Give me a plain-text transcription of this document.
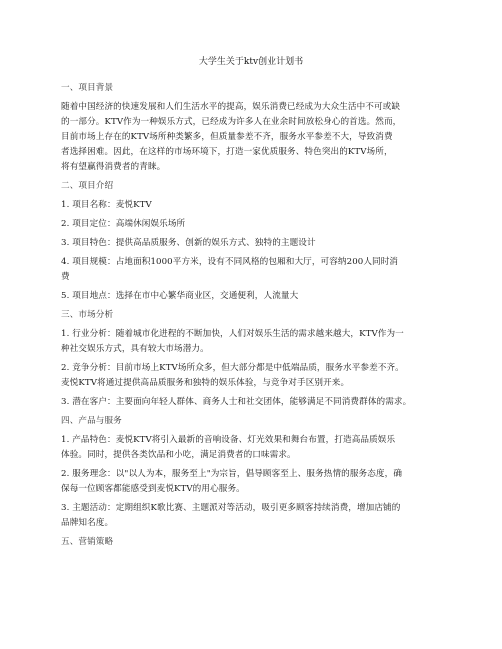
大学生关于ktv创业计划书
一、项目背景
随着中国经济的快速发展和人们生活水平的提高，娱乐消费已经成为大众生活中不可或缺
的一部分。KTV作为一种娱乐方式，已经成为许多人在业余时间放松身心的首选。然而，
目前市场上存在的KTV场所种类繁多，但质量参差不齐，服务水平参差不大，导致消费
者选择困难。因此，在这样的市场环境下，打造一家优质服务、特色突出的KTV场所，
将有望赢得消费者的青睐。
二、项目介绍
1. 项目名称：麦悦KTV
2. 项目定位：高端休闲娱乐场所
3. 项目特色：提供高品质服务、创新的娱乐方式、独特的主题设计
4. 项目规模：占地面积1000平方米，设有不同风格的包厢和大厅，可容纳200人同时消
费
5. 项目地点：选择在市中心繁华商业区，交通便利，人流量大
三、市场分析
1. 行业分析：随着城市化进程的不断加快，人们对娱乐生活的需求越来越大，KTV作为一
种社交娱乐方式，具有较大市场潜力。
2. 竞争分析：目前市场上KTV场所众多，但大部分都是中低端品质，服务水平参差不齐。
麦悦KTV将通过提供高品质服务和独特的娱乐体验，与竞争对手区别开来。
3. 潜在客户：主要面向年轻人群体、商务人士和社交团体，能够满足不同消费群体的需求。
四、产品与服务
1. 产品特色：麦悦KTV将引入最新的音响设备、灯光效果和舞台布置，打造高品质娱乐
体验。同时，提供各类饮品和小吃，满足消费者的口味需求。
2. 服务理念：以"以人为本，服务至上"为宗旨，倡导顾客至上、服务热情的服务态度，确
保每一位顾客都能感受到麦悦KTV的用心服务。
3. 主题活动：定期组织K歌比赛、主题派对等活动，吸引更多顾客持续消费，增加店铺的
品牌知名度。
五、营销策略
